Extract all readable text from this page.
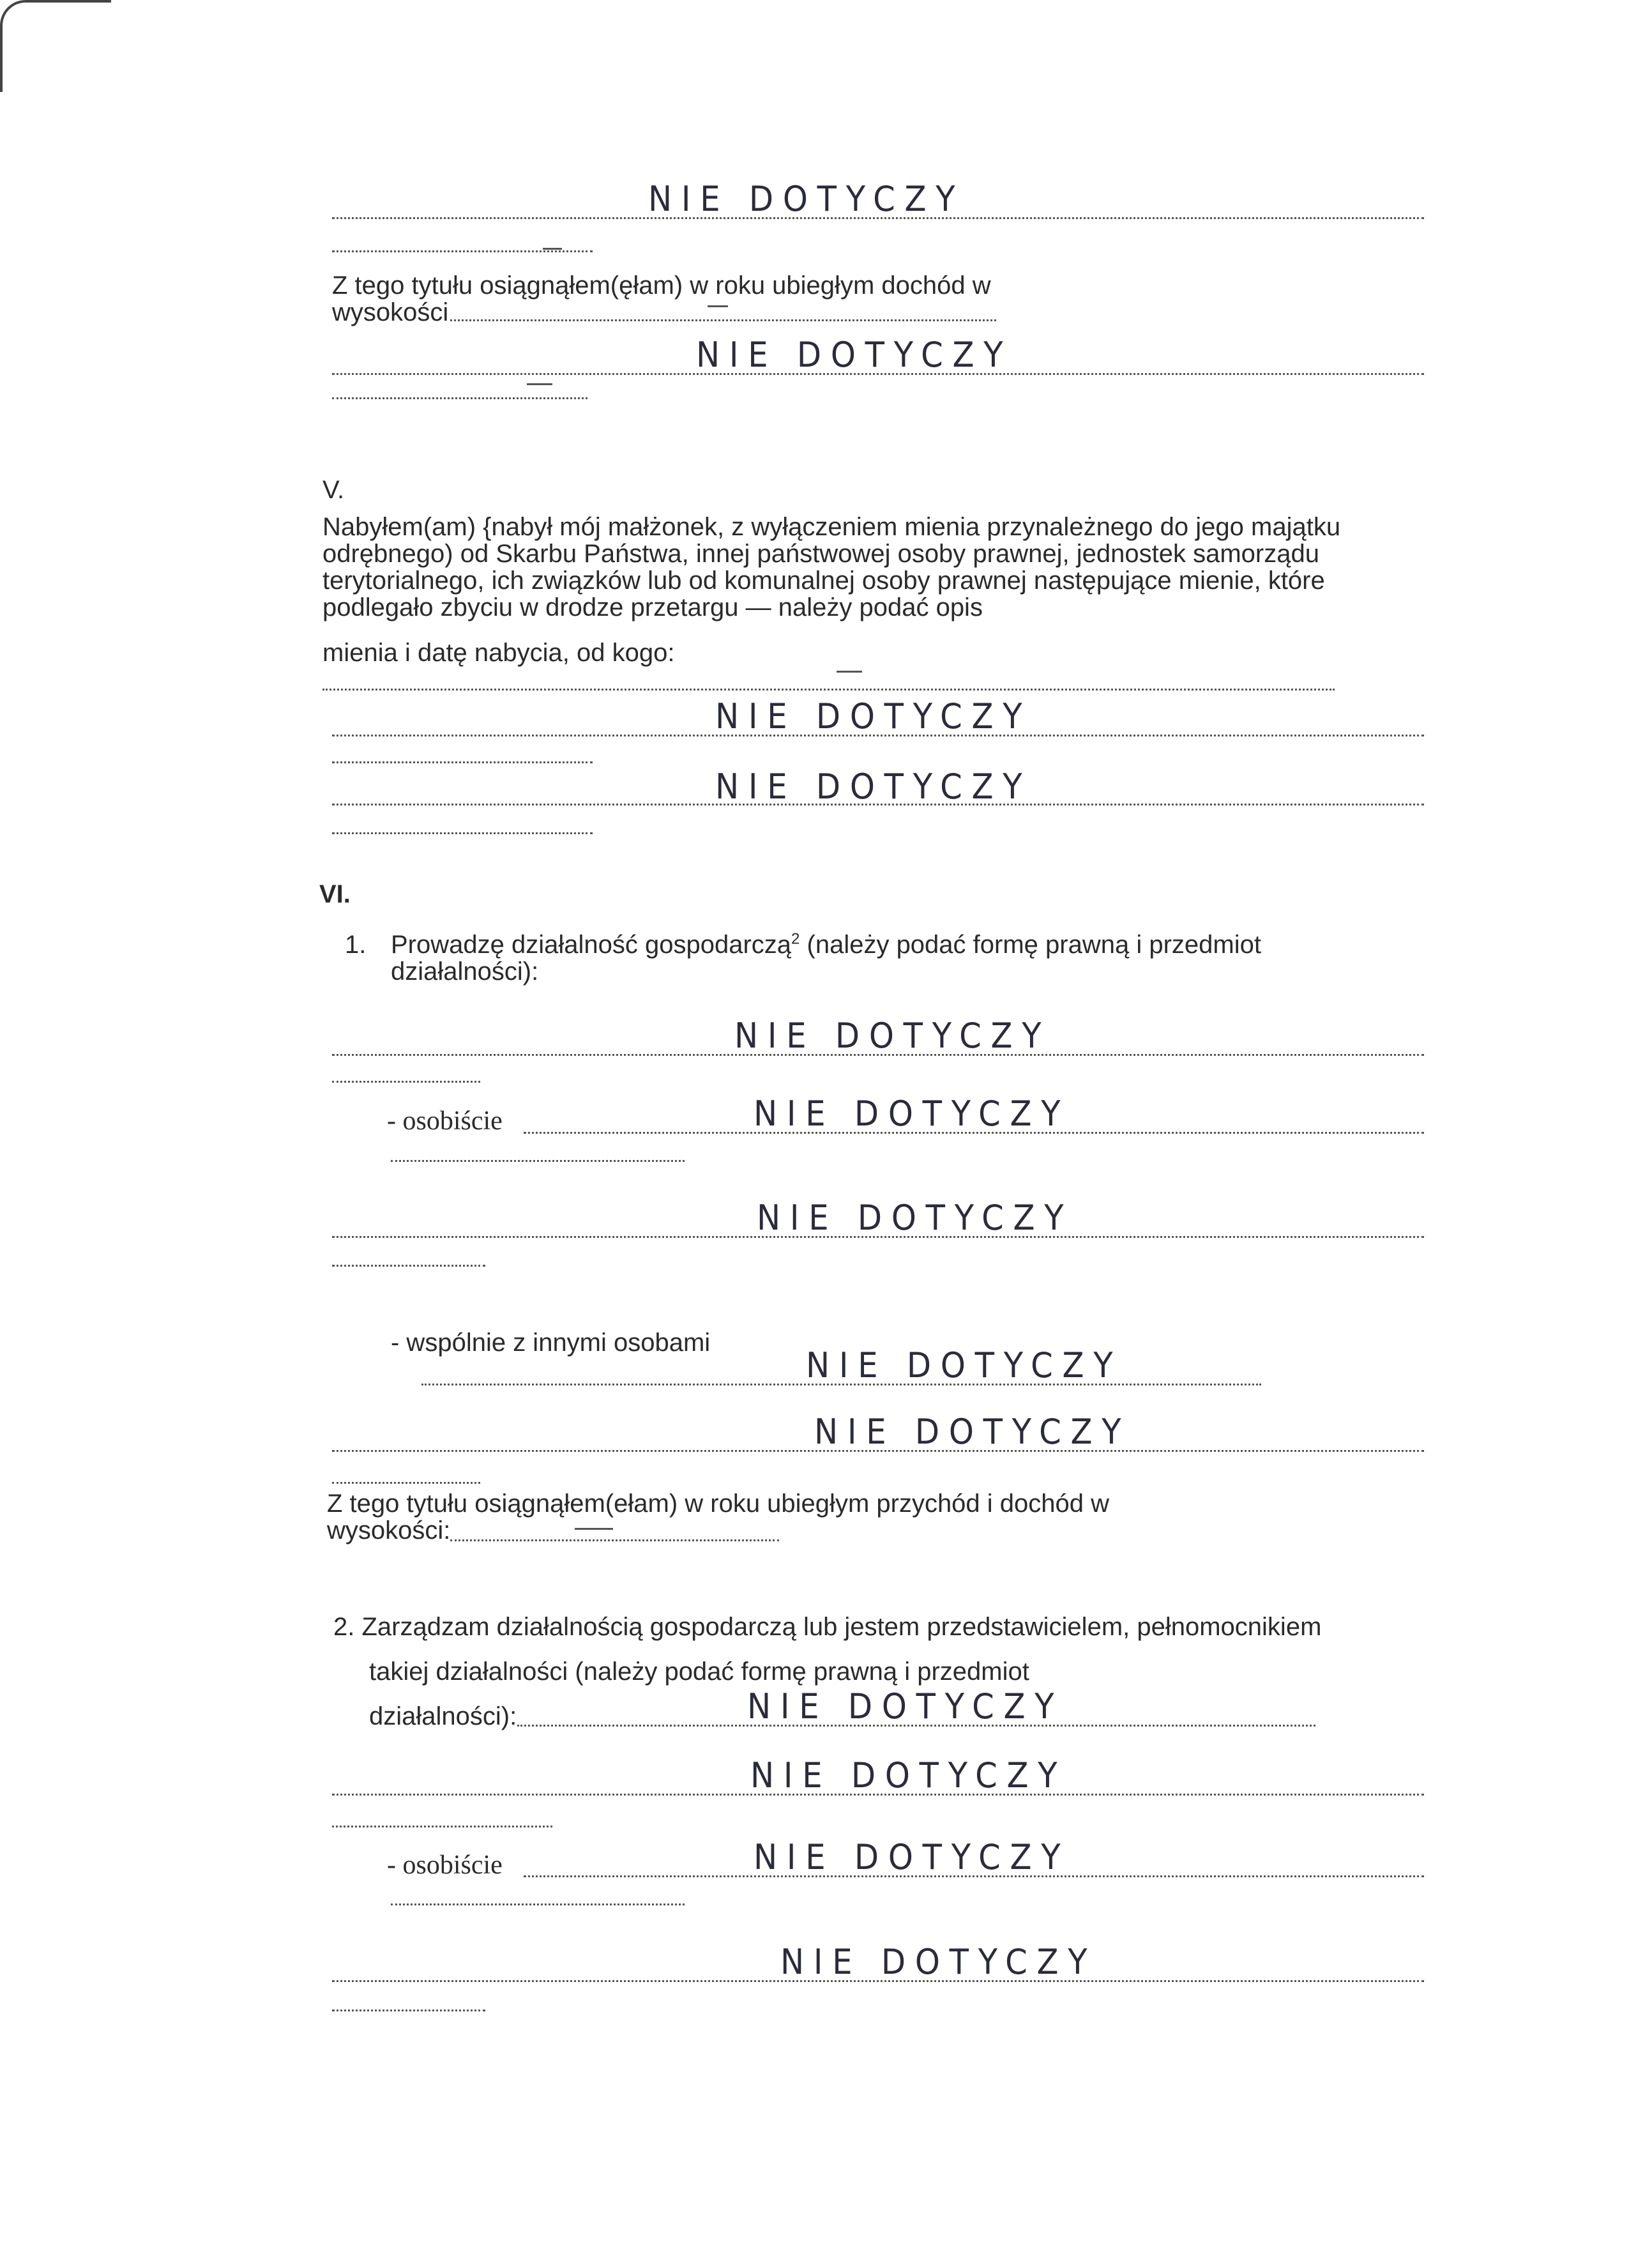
NIE DOTYCZY
Z tego tytułu osiągnąłem(ęłam) w roku ubiegłym dochód w
wysokości
NIE DOTYCZY
V.
Nabyłem(am) {nabył mój małżonek, z wyłączeniem mienia przynależnego do jego majątku
odrębnego) od Skarbu Państwa, innej państwowej osoby prawnej, jednostek samorządu
terytorialnego, ich związków lub od komunalnej osoby prawnej następujące mienie, które
podlegało zbyciu w drodze przetargu — należy podać opis
mienia i datę nabycia, od kogo:
NIE DOTYCZY
NIE DOTYCZY
VI.
1. Prowadzę działalność gospodarczą$^2$ (należy podać formę prawną i przedmiot
działalności):
NIE DOTYCZY
- osobiście	NIE DOTYCZY
NIE DOTYCZY
- wspólnie z innymi osobami
NIE DOTYCZY
NIE DOTYCZY
Z tego tytułu osiągnąłem(ełam) w roku ubiegłym przychód i dochód w
wysokości:
2. Zarządzam działalnością gospodarczą lub jestem przedstawicielem, pełnomocnikiem
takiej działalności (należy podać formę prawną i przedmiot
działalności):	NIE DOTYCZY
NIE DOTYCZY
- osobiście	NIE DOTYCZY
NIE DOTYCZY
